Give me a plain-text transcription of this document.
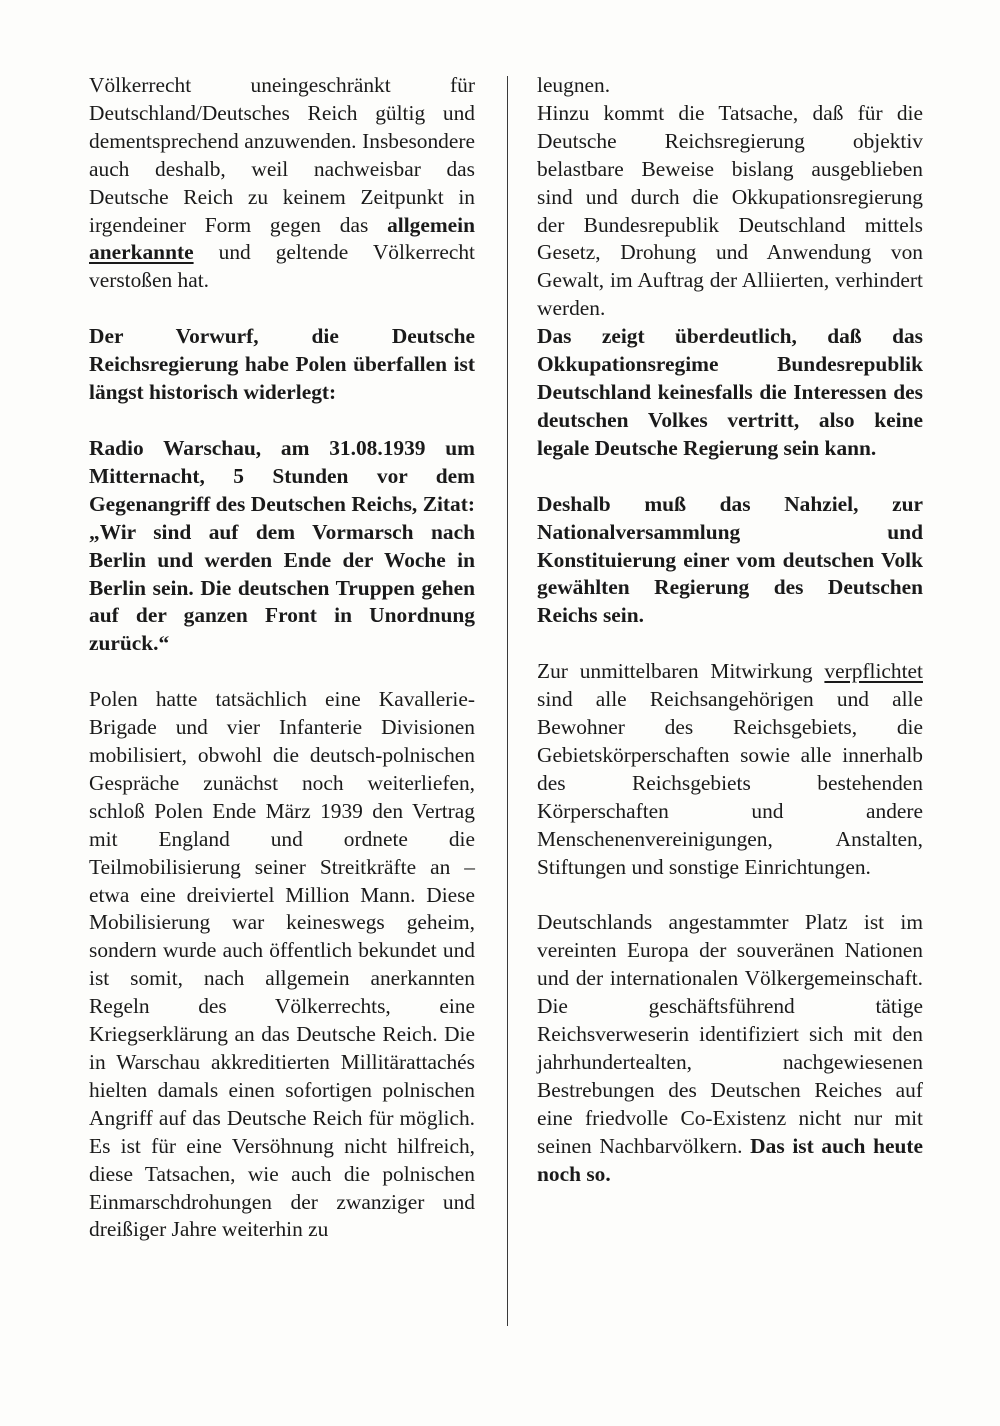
Völkerrecht uneingeschränkt für Deutschland/Deutsches Reich gültig und dementsprechend anzuwenden. Insbesondere auch deshalb, weil nachweisbar das Deutsche Reich zu keinem Zeitpunkt in irgendeiner Form gegen das allgemein anerkannte und geltende Völkerrecht verstoßen hat.

Der Vorwurf, die Deutsche Reichsregierung habe Polen überfallen ist längst historisch widerlegt:

Radio Warschau, am 31.08.1939 um Mitternacht, 5 Stunden vor dem Gegenangriff des Deutschen Reichs, Zitat: „Wir sind auf dem Vormarsch nach Berlin und werden Ende der Woche in Berlin sein. Die deutschen Truppen gehen auf der ganzen Front in Unordnung zurück.“

Polen hatte tatsächlich eine Kavallerie-Brigade und vier Infanterie Divisionen mobilisiert, obwohl die deutsch-polnischen Gespräche zunächst noch weiterliefen, schloß Polen Ende März 1939 den Vertrag mit England und ordnete die Teilmobilisierung seiner Streitkräfte an – etwa eine dreiviertel Million Mann. Diese Mobilisierung war keineswegs geheim, sondern wurde auch öffentlich bekundet und ist somit, nach allgemein anerkannten Regeln des Völkerrechts, eine Kriegserklärung an das Deutsche Reich. Die in Warschau akkreditierten Millitärattachés hielten damals einen sofortigen polnischen Angriff auf das Deutsche Reich für möglich. Es ist für eine Versöhnung nicht hilfreich, diese Tatsachen, wie auch die polnischen Einmarschdrohungen der zwanziger und dreißiger Jahre weiterhin zu

leugnen.

Hinzu kommt die Tatsache, daß für die Deutsche Reichsregierung objektiv belastbare Beweise bislang ausgeblieben sind und durch die Okkupationsregierung der Bundesrepublik Deutschland mittels Gesetz, Drohung und Anwendung von Gewalt, im Auftrag der Alliierten, verhindert werden.

Das zeigt überdeutlich, daß das Okkupationsregime Bundesrepublik Deutschland keinesfalls die Interessen des deutschen Volkes vertritt, also keine legale Deutsche Regierung sein kann.

Deshalb muß das Nahziel, zur Nationalversammlung und Konstituierung einer vom deutschen Volk gewählten Regierung des Deutschen Reichs sein.

Zur unmittelbaren Mitwirkung verpflichtet sind alle Reichsangehörigen und alle Bewohner des Reichsgebiets, die Gebietskörperschaften sowie alle innerhalb des Reichsgebiets bestehenden Körperschaften und andere Menschenenvereinigungen, Anstalten, Stiftungen und sonstige Einrichtungen.

Deutschlands angestammter Platz ist im vereinten Europa der souveränen Nationen und der internationalen Völkergemeinschaft. Die geschäftsführend tätige Reichsverweserin identifiziert sich mit den jahrhundertealten, nachgewiesenen Bestrebungen des Deutschen Reiches auf eine friedvolle Co-Existenz nicht nur mit seinen Nachbarvölkern. Das ist auch heute noch so.
